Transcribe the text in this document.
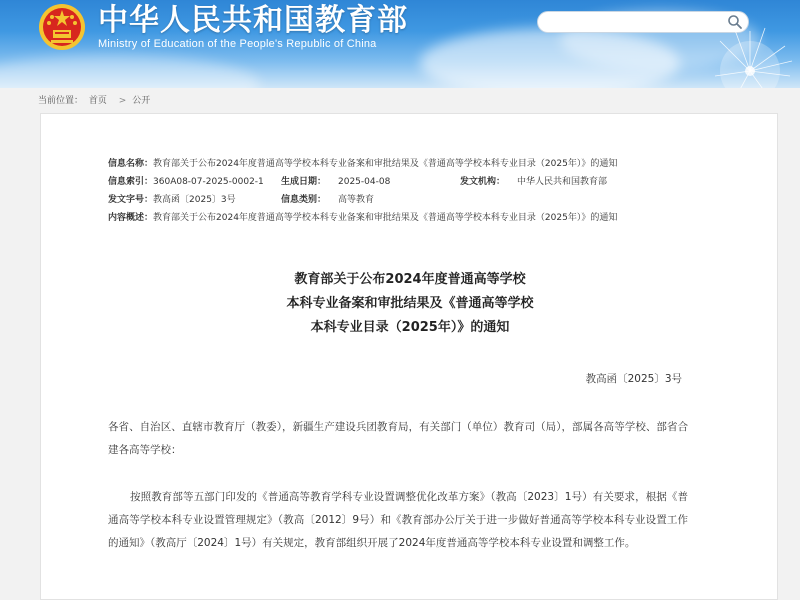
中华人民共和国教育部
Ministry of Education of the People's Republic of China
当前位置： 首页 > 公开
信息名称：教育部关于公布2024年度普通高等学校本科专业备案和审批结果及《普通高等学校本科专业目录（2025年）》的通知
信息索引：360A08-07-2025-0002-1 生成日期： 2025-04-08	发文机构： 中华人民共和国教育部
发文字号：教高函〔2025〕3号	信息类别： 高等教育
内容概述：教育部关于公布2024年度普通高等学校本科专业备案和审批结果及《普通高等学校本科专业目录（2025年）》的通知
教育部关于公布2024年度普通高等学校
本科专业备案和审批结果及《普通高等学校
本科专业目录（2025年）》的通知
教高函〔2025〕3号
各省、自治区、直辖市教育厅（教委），新疆生产建设兵团教育局，有关部门（单位）教育司（局），部属各高等学校、部省合建各高等学校：
按照教育部等五部门印发的《普通高等教育学科专业设置调整优化改革方案》（教高〔2023〕1号）有关要求，根据《普通高等学校本科专业设置管理规定》（教高〔2012〕9号）和《教育部办公厅关于进一步做好普通高等学校本科专业设置工作的通知》（教高厅〔2024〕1号）有关规定，教育部组织开展了2024年度普通高等学校本科专业设置和调整工作。
